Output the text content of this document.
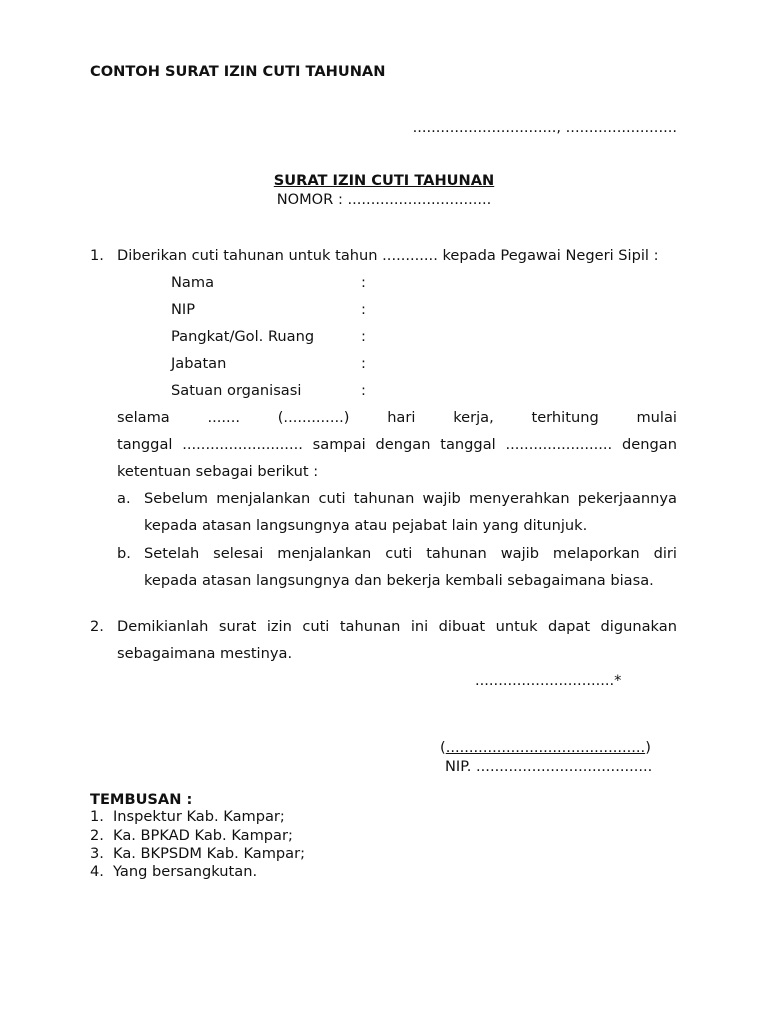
CONTOH SURAT IZIN CUTI TAHUNAN
..............................., ........................
SURAT IZIN CUTI TAHUNAN
NOMOR : ...............................
1. Diberikan cuti tahunan untuk tahun ............ kepada Pegawai Negeri Sipil :
Nama	:
NIP	:
Pangkat/Gol. Ruang	:
Jabatan	:
Satuan organisasi	:
selama	.......	(.............)	hari	kerja,	terhitung	mulai
tanggal .......................... sampai dengan tanggal ....................... dengan
ketentuan sebagai berikut :
a. Sebelum menjalankan cuti tahunan wajib menyerahkan pekerjaannya
kepada atasan langsungnya atau pejabat lain yang ditunjuk.
b. Setelah selesai menjalankan cuti tahunan wajib melaporkan diri
kepada atasan langsungnya dan bekerja kembali sebagaimana biasa.
2. Demikianlah surat izin cuti tahunan ini dibuat untuk dapat digunakan
sebagaimana mestinya.
..............................*
(...........................................)
NIP. ......................................
TEMBUSAN :
1. Inspektur Kab. Kampar;
2. Ka. BPKAD Kab. Kampar;
3. Ka. BKPSDM Kab. Kampar;
4. Yang bersangkutan.
